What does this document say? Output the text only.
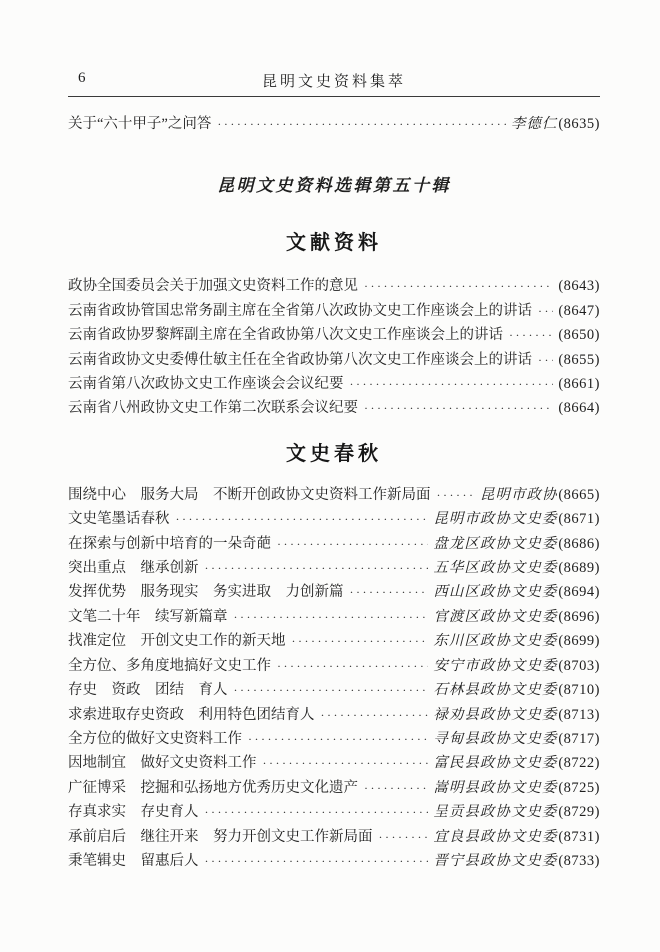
6	昆明文史资料集萃
关于“六十甲子”之问答 ·····	李德仁 (8635)
昆明文史资料选辑第五十辑
文献资料
政协全国委员会关于加强文史资料工作的意见 ·····	(8643)
云南省政协管国忠常务副主席在全省第八次政协文史工作座谈会上的讲话 ····· (8647)
云南省政协罗黎辉副主席在全省政协第八次文史工作座谈会上的讲话 ·····	(8650)
云南省政协文史委傅仕敏主任在全省政协第八次文史工作座谈会上的讲话 ····· (8655)
云南省第八次政协文史工作座谈会会议纪要 ·····	(8661)
云南省八州政协文史工作第二次联系会议纪要 ·····	(8664)
文史春秋
围绕中心　服务大局　不断开创政协文史资料工作新局面 ·····	昆明市政协 (8665)
文史笔墨话春秋 ·····	昆明市政协文史委 (8671)
在探索与创新中培育的一朵奇葩 ·····	盘龙区政协文史委 (8686)
突出重点　继承创新 ·····	五华区政协文史委 (8689)
发挥优势　服务现实　务实进取　力创新篇 ·····	西山区政协文史委 (8694)
文笔二十年　续写新篇章 ·····	官渡区政协文史委 (8696)
找准定位　开创文史工作的新天地 ·····	东川区政协文史委 (8699)
全方位、多角度地搞好文史工作 ·····	安宁市政协文史委 (8703)
存史　资政　团结　育人 ·····	石林县政协文史委 (8710)
求索进取存史资政　利用特色团结育人 ·····	禄劝县政协文史委 (8713)
全方位的做好文史资料工作 ·····	寻甸县政协文史委 (8717)
因地制宜　做好文史资料工作 ·····	富民县政协文史委 (8722)
广征博采　挖掘和弘扬地方优秀历史文化遗产 ·····	嵩明县政协文史委 (8725)
存真求实　存史育人 ·····	呈贡县政协文史委 (8729)
承前启后　继往开来　努力开创文史工作新局面 ·····	宜良县政协文史委 (8731)
秉笔辑史　留惠后人 ·····	晋宁县政协文史委 (8733)
